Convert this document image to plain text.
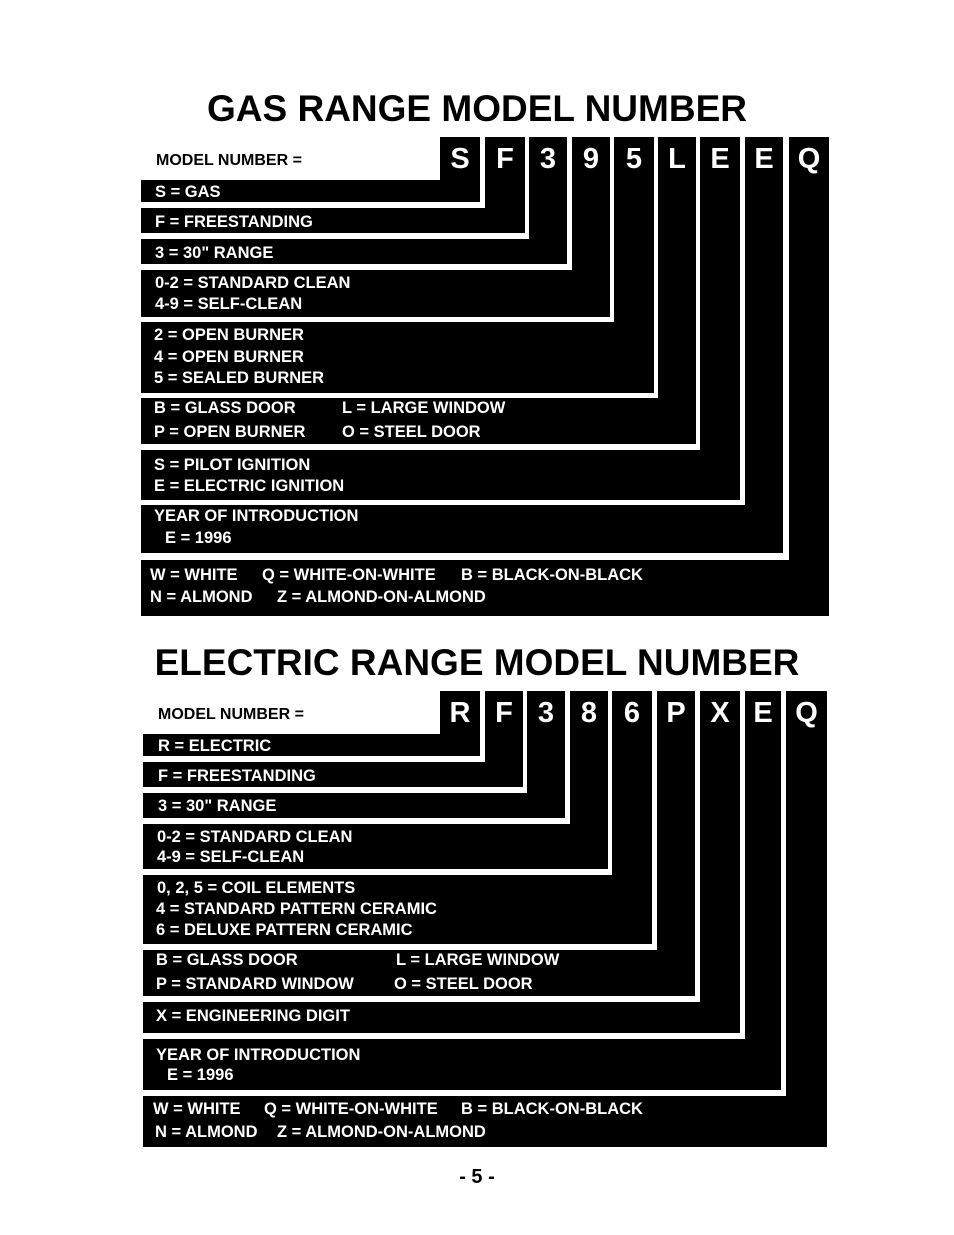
GAS RANGE MODEL NUMBER
S F 3 9 5 L E E Q
MODEL NUMBER =
S = GAS
F = FREESTANDING
3 = 30" RANGE
0-2 = STANDARD CLEAN
4-9 = SELF-CLEAN
2 = OPEN BURNER
4 = OPEN BURNER
5 = SEALED BURNER
B = GLASS DOOR	L = LARGE WINDOW
P = OPEN BURNER O = STEEL DOOR
S = PILOT IGNITION
E = ELECTRIC IGNITION
YEAR OF INTRODUCTION
E = 1996
W = WHITE Q = WHITE-ON-WHITE B = BLACK-ON-BLACK
N = ALMOND Z = ALMOND-ON-ALMOND
ELECTRIC RANGE MODEL NUMBER
R F 3 8 6 P X E Q
MODEL NUMBER =
R = ELECTRIC
F = FREESTANDING
3 = 30" RANGE
0-2 = STANDARD CLEAN
4-9 = SELF-CLEAN
0, 2, 5 = COIL ELEMENTS
4 = STANDARD PATTERN CERAMIC
6 = DELUXE PATTERN CERAMIC
B = GLASS DOOR	L = LARGE WINDOW
P = STANDARD WINDOW O = STEEL DOOR
X = ENGINEERING DIGIT
YEAR OF INTRODUCTION
E = 1996
W = WHITE Q = WHITE-ON-WHITE B = BLACK-ON-BLACK
N = ALMOND Z = ALMOND-ON-ALMOND
- 5 -
